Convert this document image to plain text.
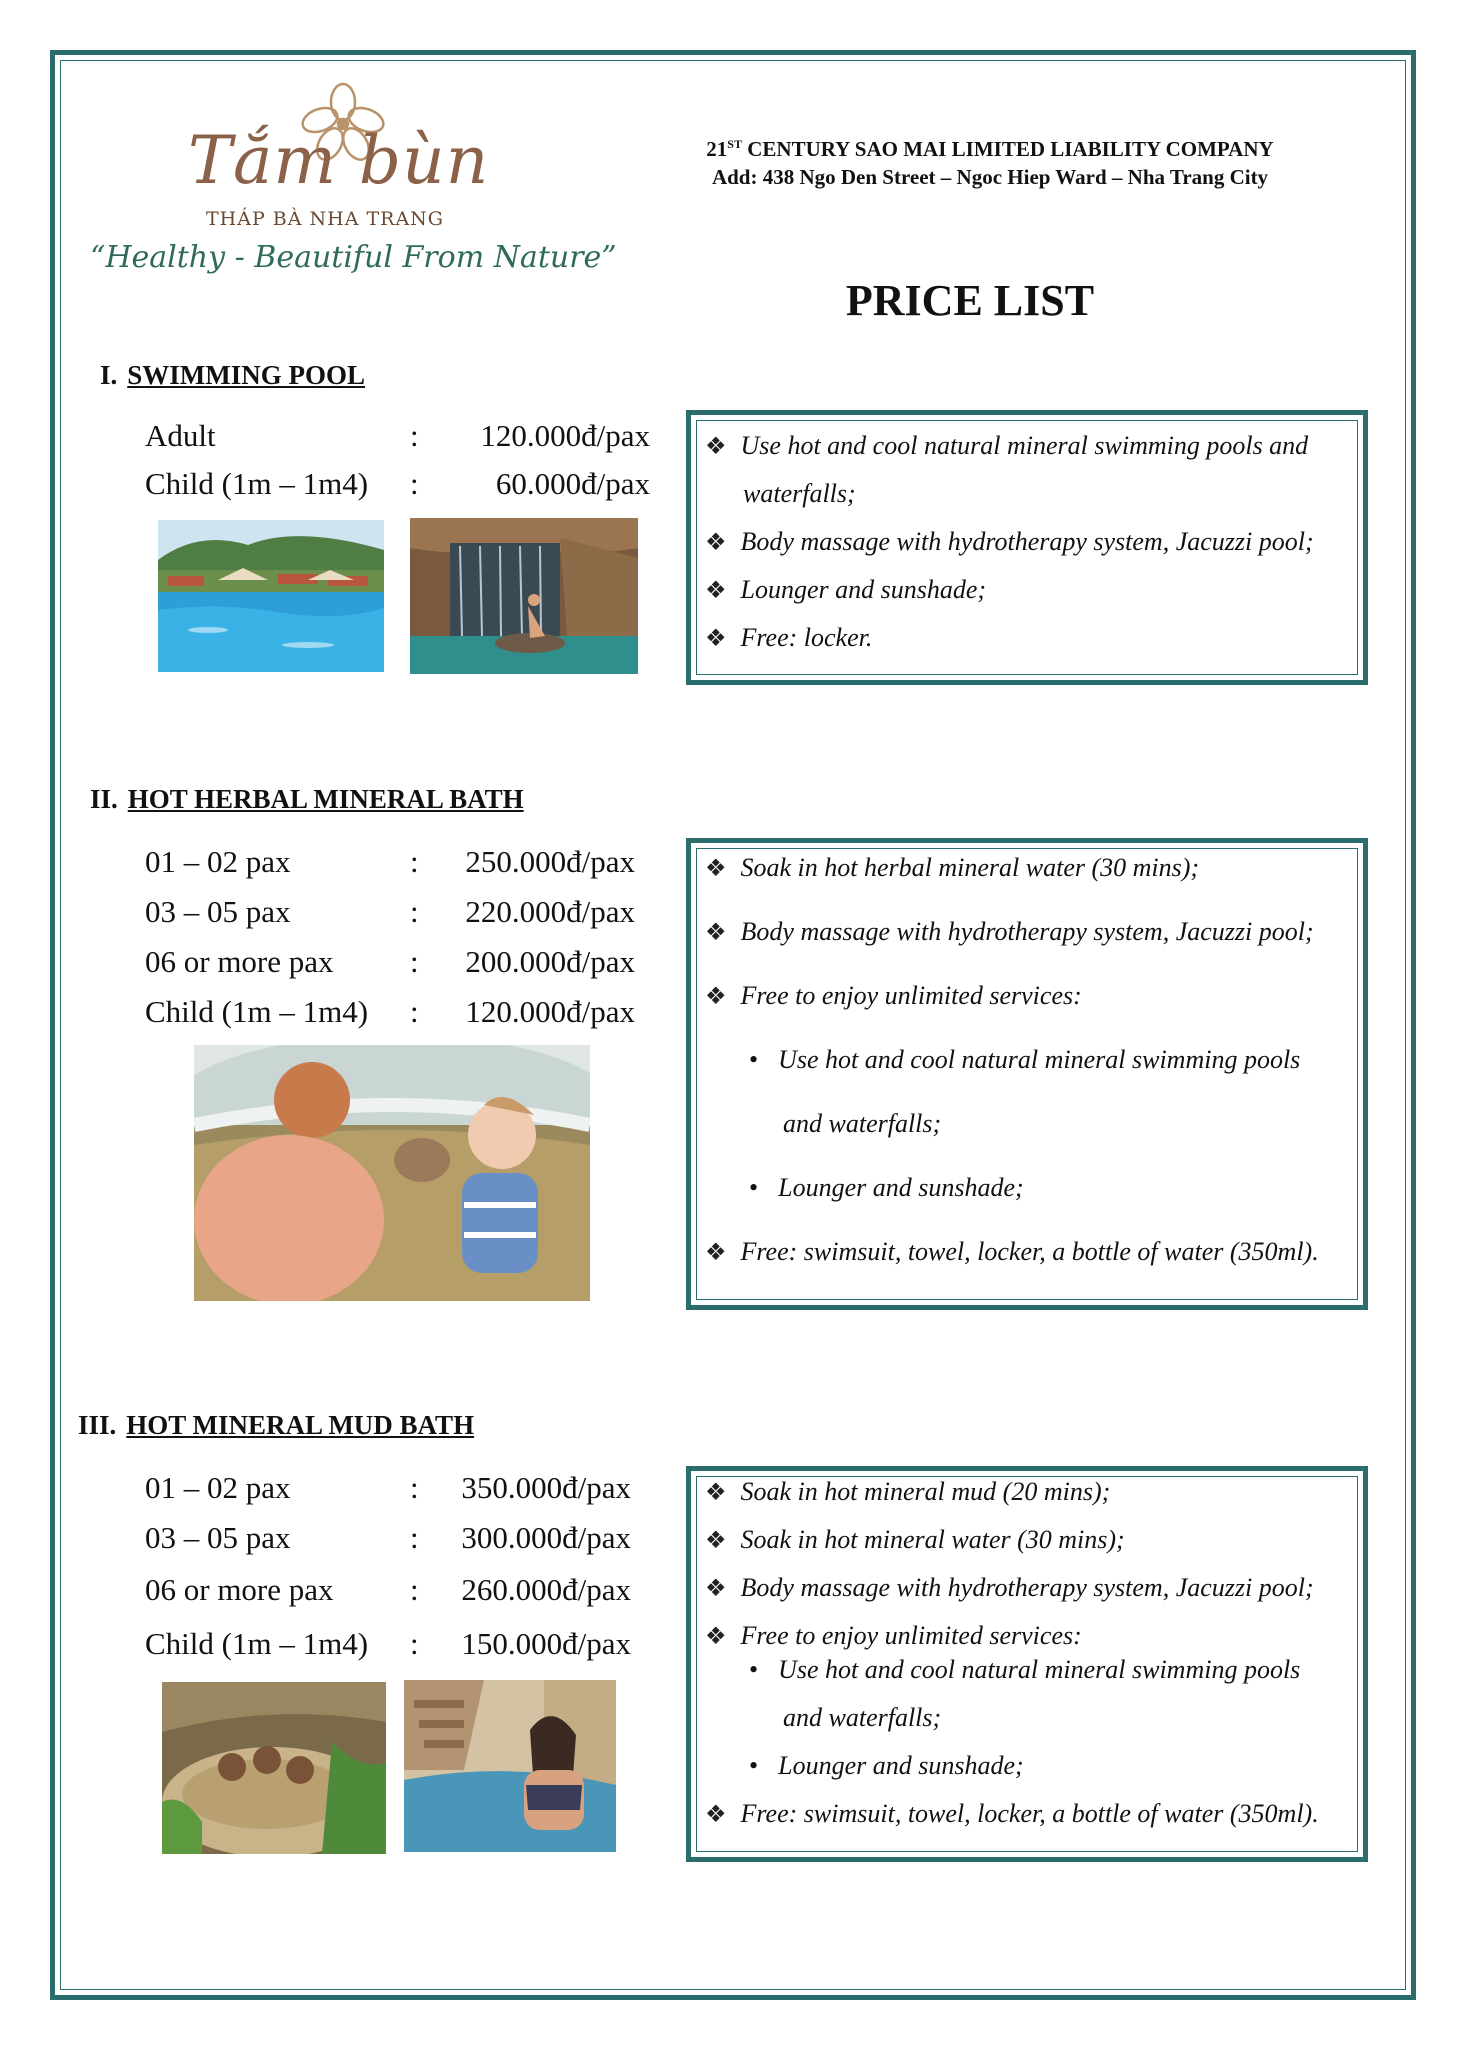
Tắm bùn
THÁP BÀ NHA TRANG
“Healthy - Beautiful From Nature”
21ST CENTURY SAO MAI LIMITED LIABILITY COMPANY
Add: 438 Ngo Den Street – Ngoc Hiep Ward – Nha Trang City
PRICE LIST
I. SWIMMING POOL
Adult	:	120.000đ/pax
Child (1m – 1m4) :	60.000đ/pax
❖ Use hot and cool natural mineral swimming pools and
waterfalls;
❖ Body massage with hydrotherapy system, Jacuzzi pool;
❖ Lounger and sunshade;
❖ Free: locker.
II. HOT HERBAL MINERAL BATH
01 – 02 pax	:	250.000đ/pax
03 – 05 pax	:	220.000đ/pax
06 or more pax :	200.000đ/pax
Child (1m – 1m4) :	120.000đ/pax
❖ Soak in hot herbal mineral water (30 mins);
❖ Body massage with hydrotherapy system, Jacuzzi pool;
❖ Free to enjoy unlimited services:
• Use hot and cool natural mineral swimming pools
and waterfalls;
• Lounger and sunshade;
❖ Free: swimsuit, towel, locker, a bottle of water (350ml).
III. HOT MINERAL MUD BATH
01 – 02 pax	:	350.000đ/pax
03 – 05 pax	:	300.000đ/pax
06 or more pax :	260.000đ/pax
Child (1m – 1m4) :	150.000đ/pax
❖ Soak in hot mineral mud (20 mins);
❖ Soak in hot mineral water (30 mins);
❖ Body massage with hydrotherapy system, Jacuzzi pool;
❖ Free to enjoy unlimited services:
• Use hot and cool natural mineral swimming pools
and waterfalls;
• Lounger and sunshade;
❖ Free: swimsuit, towel, locker, a bottle of water (350ml).
